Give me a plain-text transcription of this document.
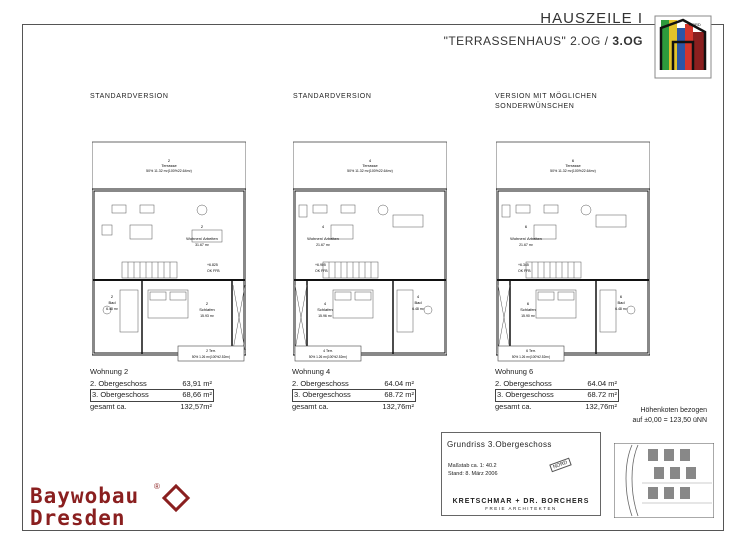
HAUSZEILE I
"TERRASSENHAUS" 2.OG / 3.OG
NORD
STANDARDVERSION	STANDARDVERSION	VERSION MIT MÖGLICHEN
SONDERWÜNSCHEN
2
Terrasse
50% 11.32 m²(100%22.64m²)
2
Wohnen/ Arbeiten
31.67 m²
+6.825
OK FFB
2
Bad
6.48 m²
2
Schlafen
15.93 m²
2 Terr.
50% 1.26 m²(100%2.52m²)
4
Terrasse
50% 11.32 m²(100%22.64m²)
4
Wohnen/ Arbeiten
21.67 m²
+6.905
OK FFB
4
Bad
6.48 m²
4
Schlafen
15.96 m²
4 Terr.
50% 1.26 m²(100%2.52m²)
6
Terrasse
50% 11.32 m²(100%22.64m²)
6
Wohnen/ Arbeiten
21.67 m²
+6.345
OK FFB
6
Bad
6.48 m²
6
Schlafen
15.90 m²
6 Terr.
50% 1.26 m²(100%2.52m²)
Wohnung 2
2. Obergeschoss	63,91 m²
3. Obergeschoss	68,66 m²
gesamt ca.	132,57m²
Wohnung 4
2. Obergeschoss	64.04 m²
3. Obergeschoss	68.72 m²
gesamt ca.	132,76m²
Wohnung 6
2. Obergeschoss	64.04 m²
3. Obergeschoss	68.72 m²
gesamt ca.	132,76m²	Höhenkoten bezogen
auf ±0,00 = 123,50 üNN
Grundriss 3.Obergeschoss
NORD
Maßstab ca. 1: 40.2
Stand: 8. März 2006
KRETSCHMAR + DR. BORCHERS
FREIE ARCHITEKTEN
Baywobau ®
Dresden
